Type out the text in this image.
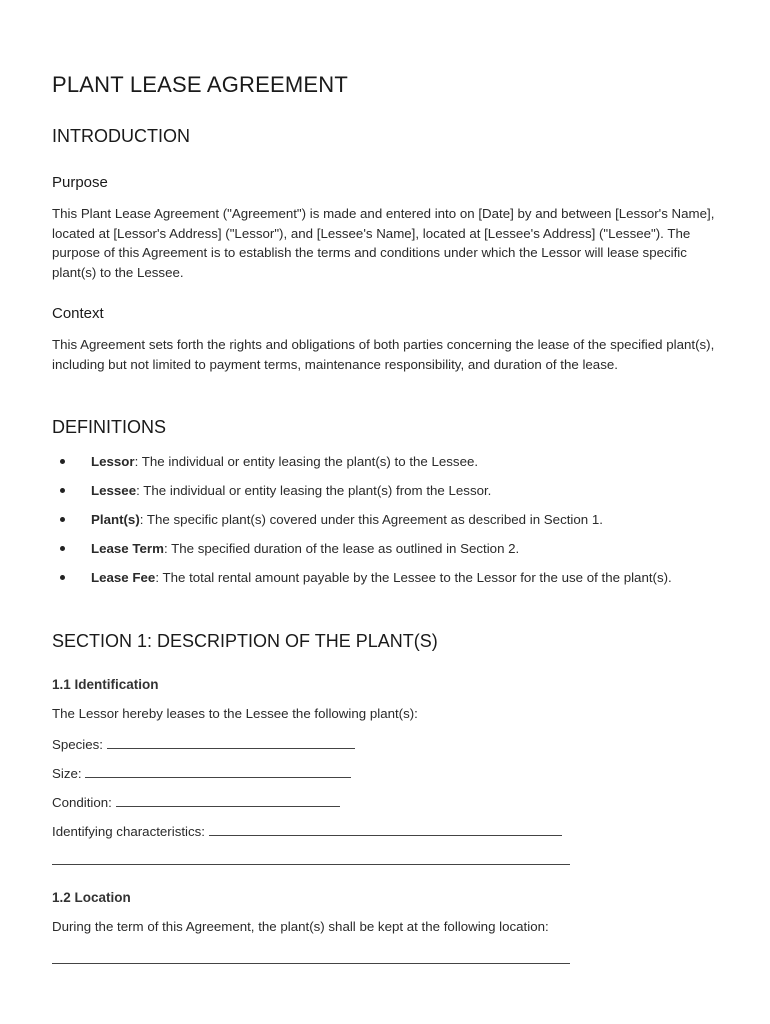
PLANT LEASE AGREEMENT
INTRODUCTION
Purpose

This Plant Lease Agreement ("Agreement") is made and entered into on [Date] by and between [Lessor's Name], located at [Lessor's Address] ("Lessor"), and [Lessee's Name], located at [Lessee's Address] ("Lessee"). The purpose of this Agreement is to establish the terms and conditions under which the Lessor will lease specific plant(s) to the Lessee.

Context

This Agreement sets forth the rights and obligations of both parties concerning the lease of the specified plant(s), including but not limited to payment terms, maintenance responsibility, and duration of the lease.

DEFINITIONS
Lessor: The individual or entity leasing the plant(s) to the Lessee.
Lessee: The individual or entity leasing the plant(s) from the Lessor.
Plant(s): The specific plant(s) covered under this Agreement as described in Section 1.
Lease Term: The specified duration of the lease as outlined in Section 2.
Lease Fee: The total rental amount payable by the Lessee to the Lessor for the use of the plant(s).
SECTION 1: DESCRIPTION OF THE PLANT(S)
1.1 Identification
The Lessor hereby leases to the Lessee the following plant(s):
Species:
Size:
Condition:
Identifying characteristics:
1.2 Location
During the term of this Agreement, the plant(s) shall be kept at the following location:
